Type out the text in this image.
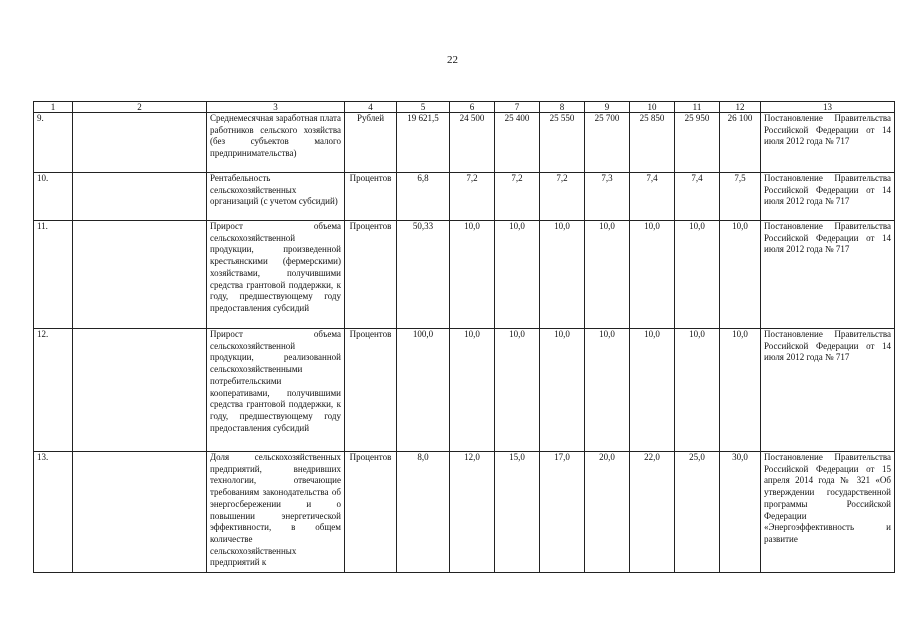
22
1	2	3	4	5	6	7	8	9	10	11	12	13
9.		Среднемесячная заработная плата работников сельского хозяйства (без субъектов малого предпринимательства)	Рублей	19 621,5	24 500	25 400	25 550	25 700	25 850	25 950	26 100	Постановление Правительства Российской Федерации от 14 июля 2012 года № 717
10.		Рентабельность сельскохозяйственных организаций (с учетом субсидий)	Процентов	6,8	7,2	7,2	7,2	7,3	7,4	7,4	7,5	Постановление Правительства Российской Федерации от 14 июля 2012 года № 717
11.		Прирост объема сельскохозяйственной продукции, произведенной крестьянскими (фермерскими) хозяйствами, получившими средства грантовой поддержки, к году, предшествующему году предоставления субсидий	Процентов	50,33	10,0	10,0	10,0	10,0	10,0	10,0	10,0	Постановление Правительства Российской Федерации от 14 июля 2012 года № 717
12.		Прирост объема сельскохозяйственной продукции, реализованной сельскохозяйственными потребительскими кооперативами, получившими средства грантовой поддержки, к году, предшествующему году предоставления субсидий	Процентов	100,0	10,0	10,0	10,0	10,0	10,0	10,0	10,0	Постановление Правительства Российской Федерации от 14 июля 2012 года № 717
13.		Доля сельскохозяйственных предприятий, внедривших технологии, отвечающие требованиям законодательства об энергосбережении и о повышении энергетической эффективности, в общем количестве сельскохозяйственных предприятий к	Процентов	8,0	12,0	15,0	17,0	20,0	22,0	25,0	30,0	Постановление Правительства Российской Федерации от 15 апреля 2014 года № 321 «Об утверждении государственной программы Российской Федерации «Энергоэффективность и развитие
